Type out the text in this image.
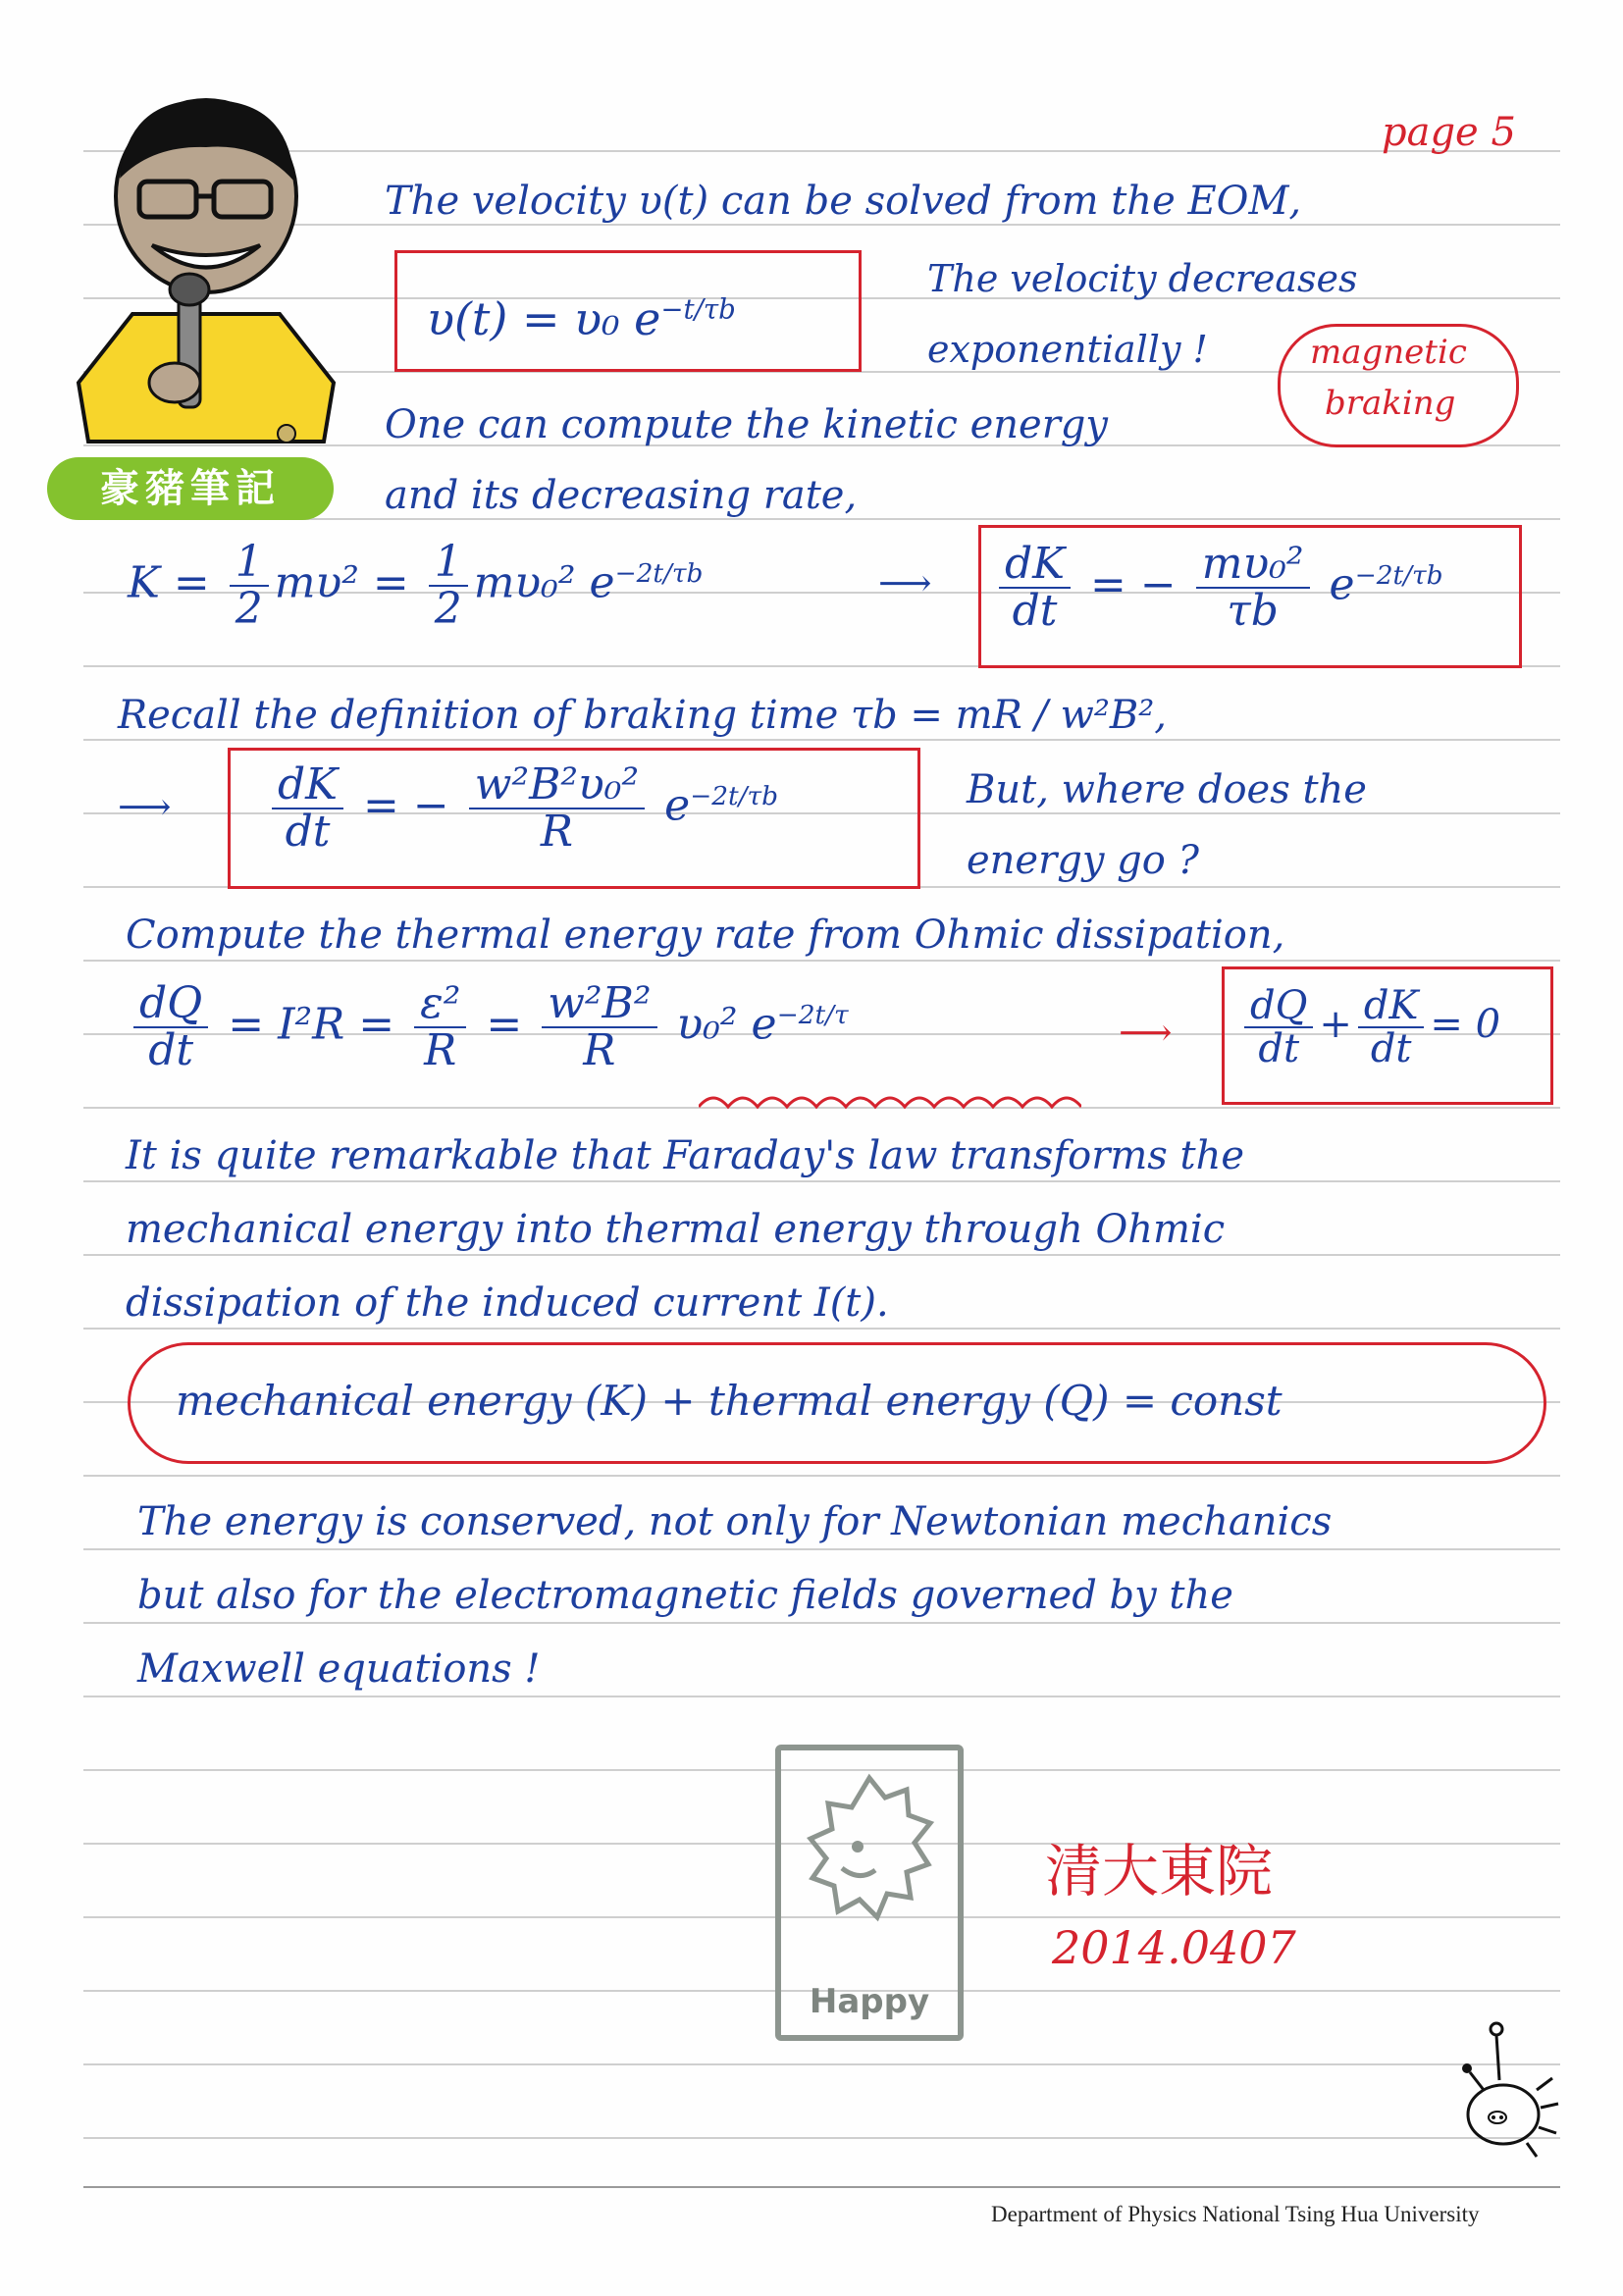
豪豬筆記
page 5
The velocity υ(t) can be solved from the EOM,
υ(t) = υ₀ $e^{-t/\tau b}$
The velocity decreases
exponentially !	magnetic
braking
One can compute the kinetic energy
and its decreasing rate,
$K = \frac{1}{2} m\upsilon^2 = \frac{1}{2} m\upsilon_0^2$ $e^{-2t/\tau b}$	⟶ $\frac{dK}{dt}$ = − $\frac{\text{mυ₀²}}{\tau b} e^{-2t/\tau b}$
Recall the definition of braking time τb = mR / w²B²,
⟶ $\frac{dK}{dt}$ = − $\frac{\text{w²B²υ₀²}}{R} e^{-2t/\tau b}$	But, where does the
energy go ?
Compute the thermal energy rate from Ohmic dissipation,
$\frac{dQ}{dt} = I^2R = \frac{\text{ε²}}{R} = \frac{\text{w²B²}}{R} \upsilon_0^2$ $e^{-2t/\tau}$	⟶ $\frac{dQ}{dt} + \frac{dK}{dt} = 0$
It is quite remarkable that Faraday's law transforms the
mechanical energy into thermal energy through Ohmic
dissipation of the induced current I(t).
mechanical energy (K) + thermal energy (Q) = const
The energy is conserved, not only for Newtonian mechanics
but also for the electromagnetic fields governed by the
Maxwell equations !
Happy
清大東院
2014.0407
Department of Physics National Tsing Hua University
